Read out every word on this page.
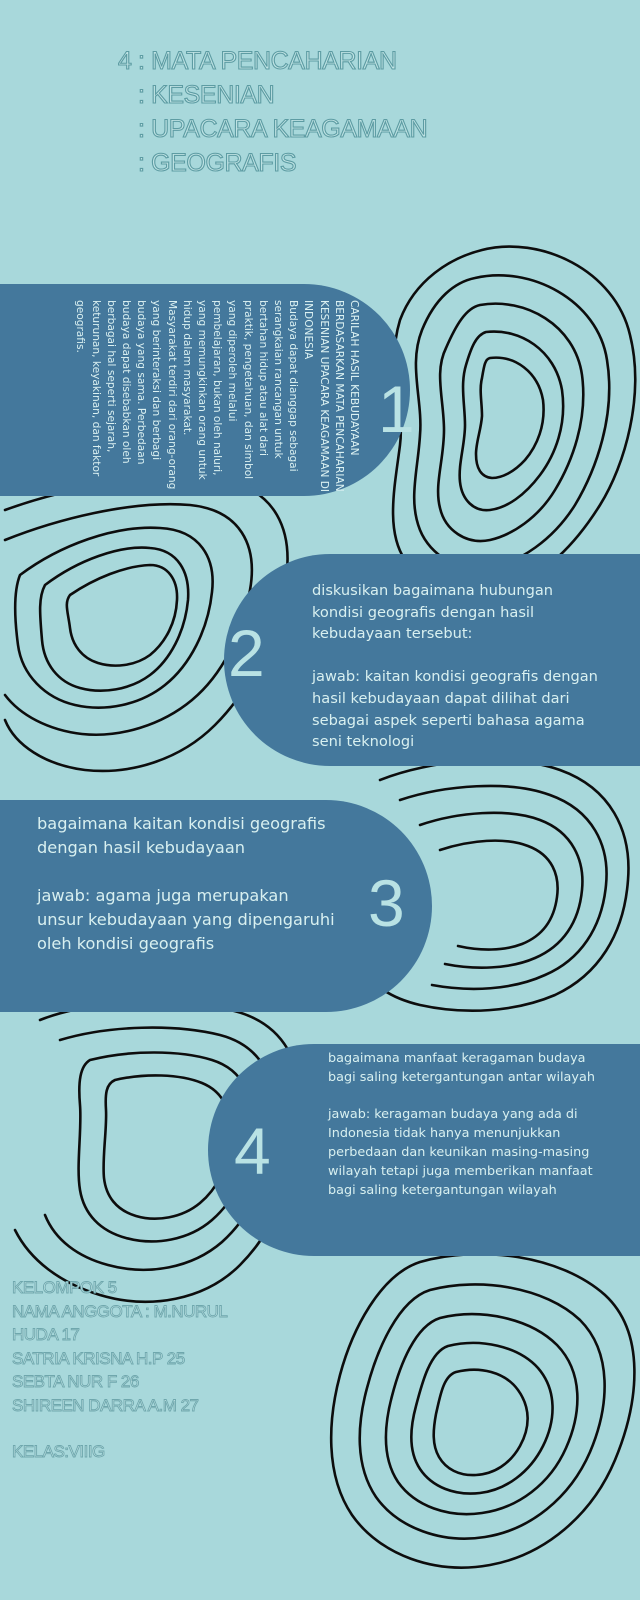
4 : MATA PENCAHARIAN
: KESENIAN
: UPACARA KEAGAMAAN
: GEOGRAFIS
CARILAH HASIL KEBUDAYAAN BERDASARKAN MATA PENCAHARIAN KESENIAN UPACARA KEAGAMAAN DI INDONESIA
Budaya dapat dianggap sebagai serangkaian rancangan untuk bertahan hidup atau alat dari praktik, pengetahuan, dan simbol yang diperoleh melalui pembelajaran, bukan oleh naluri, yang memungkinkan orang untuk hidup dalam masyarakat. Masyarakat terdiri dari orang-orang yang berinteraksi dan berbagi budaya yang sama. Perbedaan budaya dapat disebabkan oleh berbagai hal seperti sejarah, keturunan, keyakinan, dan faktor geografis.
1
2
diskusikan bagaimana hubungan kondisi geografis dengan hasil kebudayaan tersebut:

jawab: kaitan kondisi geografis dengan hasil kebudayaan dapat dilihat dari sebagai aspek seperti bahasa agama seni teknologi
bagaimana kaitan kondisi geografis dengan hasil kebudayaan

jawab: agama juga merupakan unsur kebudayaan yang dipengaruhi oleh kondisi geografis
3
4
bagaimana manfaat keragaman budaya bagi saling ketergantungan antar wilayah

jawab: keragaman budaya yang ada di Indonesia tidak hanya menunjukkan perbedaan dan keunikan masing-masing wilayah tetapi juga memberikan manfaat bagi saling ketergantungan wilayah
KELOMPOK 5
NAMA ANGGOTA : M.NURUL
HUDA 17
SATRIA KRISNA H.P 25
SEBTA NUR F 26
SHIREEN DARRA A.M 27
KELAS:VIIIG
